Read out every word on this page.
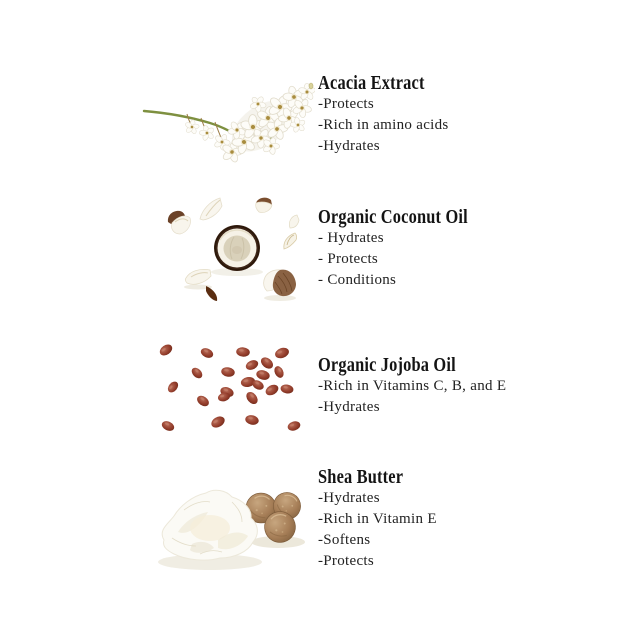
Acacia Extract
-Protects
-Rich in amino acids
-Hydrates
Organic Coconut Oil
- Hydrates
- Protects
- Conditions
Organic Jojoba Oil
-Rich in Vitamins C, B, and E
-Hydrates
Shea Butter
-Hydrates
-Rich in Vitamin E
-Softens
-Protects
